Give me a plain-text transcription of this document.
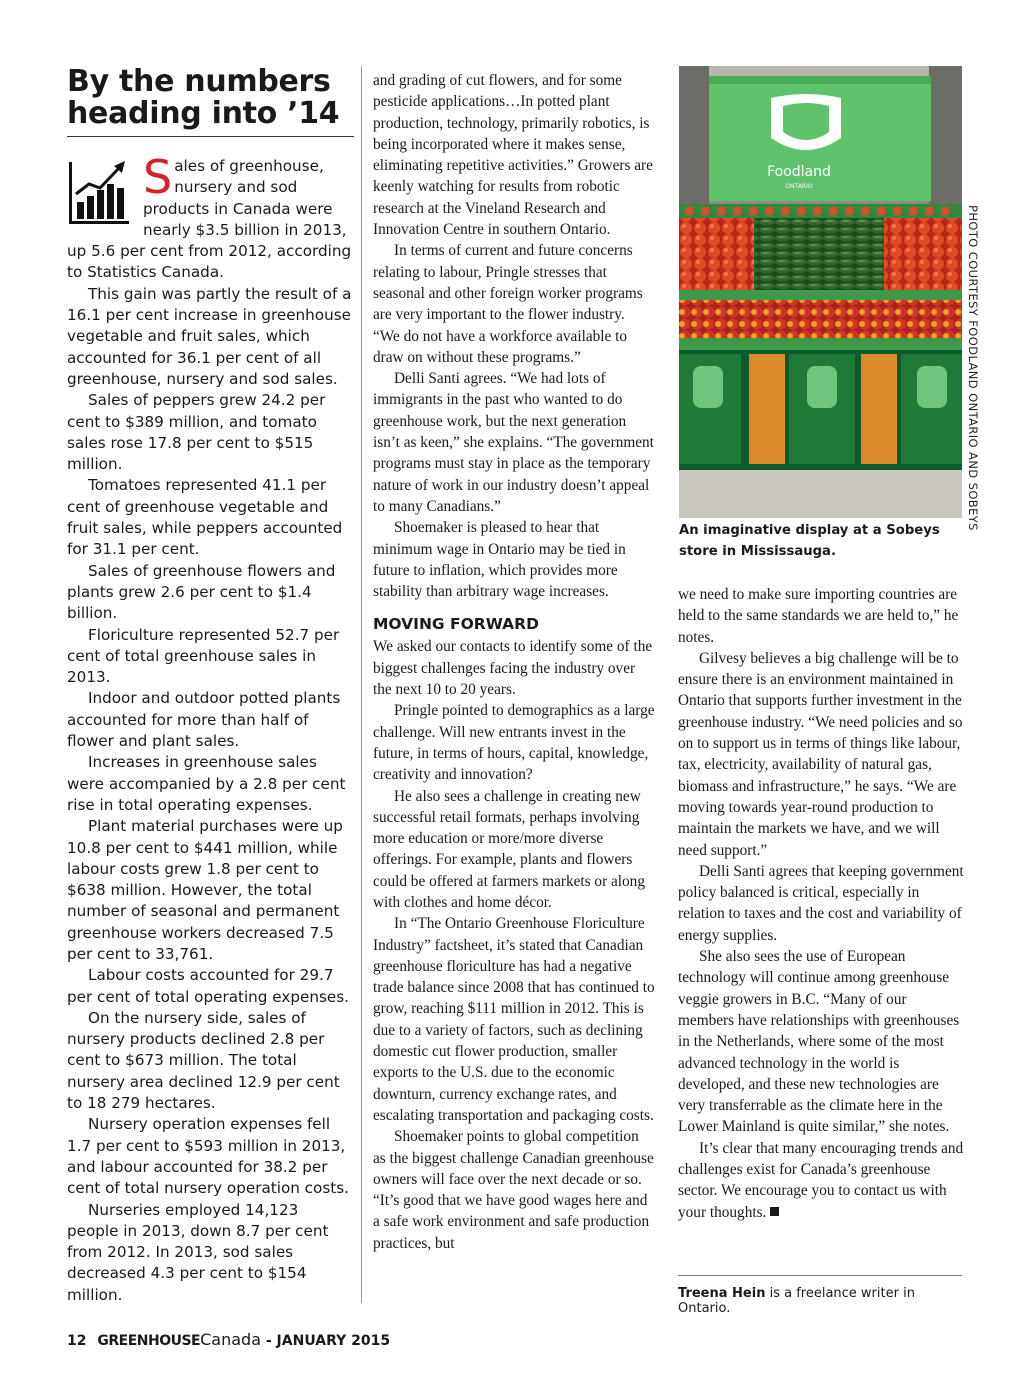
By the numbers
heading into ’14

Sales of greenhouse, nursery and sod products in Canada were nearly $3.5 billion in 2013, up 5.6 per cent from 2012, according to Statistics Canada.

This gain was partly the result of a 16.1 per cent increase in greenhouse vegetable and fruit sales, which accounted for 36.1 per cent of all greenhouse, nursery and sod sales.

Sales of peppers grew 24.2 per cent to $389 million, and tomato sales rose 17.8 per cent to $515 million.

Tomatoes represented 41.1 per cent of greenhouse vegetable and fruit sales, while peppers accounted for 31.1 per cent.

Sales of greenhouse flowers and plants grew 2.6 per cent to $1.4 billion.

Floriculture represented 52.7 per cent of total greenhouse sales in 2013.

Indoor and outdoor potted plants accounted for more than half of flower and plant sales.

Increases in greenhouse sales were accompanied by a 2.8 per cent rise in total operating expenses.

Plant material purchases were up 10.8 per cent to $441 million, while labour costs grew 1.8 per cent to $638 million. However, the total number of seasonal and permanent greenhouse workers decreased 7.5 per cent to 33,761.

Labour costs accounted for 29.7 per cent of total operating expenses.

On the nursery side, sales of nursery products declined 2.8 per cent to $673 million. The total nursery area declined 12.9 per cent to 18 279 hectares.

Nursery operation expenses fell 1.7 per cent to $593 million in 2013, and labour accounted for 38.2 per cent of total nursery operation costs.

Nurseries employed 14,123 people in 2013, down 8.7 per cent from 2012. In 2013, sod sales decreased 4.3 per cent to $154 million.

and grading of cut flowers, and for some pesticide applications…In potted plant production, technology, primarily robotics, is being incorporated where it makes sense, eliminating repetitive activities.” Growers are keenly watching for results from robotic research at the Vineland Research and Innovation Centre in southern Ontario.

In terms of current and future concerns relating to labour, Pringle stresses that seasonal and other foreign worker programs are very important to the flower industry. “We do not have a workforce available to draw on without these programs.”

Delli Santi agrees. “We had lots of immigrants in the past who wanted to do greenhouse work, but the next generation isn’t as keen,” she explains. “The government programs must stay in place as the temporary nature of work in our industry doesn’t appeal to many Canadians.”

Shoemaker is pleased to hear that minimum wage in Ontario may be tied in future to inflation, which provides more stability than arbitrary wage increases.

MOVING FORWARD

We asked our contacts to identify some of the biggest challenges facing the industry over the next 10 to 20 years.

Pringle pointed to demographics as a large challenge. Will new entrants invest in the future, in terms of hours, capital, knowledge, creativity and innovation?

He also sees a challenge in creating new successful retail formats, perhaps involving more education or more/more diverse offerings. For example, plants and flowers could be offered at farmers markets or along with clothes and home décor.

In “The Ontario Greenhouse Floriculture Industry” factsheet, it’s stated that Canadian greenhouse floriculture has had a negative trade balance since 2008 that has continued to grow, reaching $111 million in 2012. This is due to a variety of factors, such as declining domestic cut flower production, smaller exports to the U.S. due to the economic downturn, currency exchange rates, and escalating transportation and packaging costs.

Shoemaker points to global competition as the biggest challenge Canadian greenhouse owners will face over the next decade or so. “It’s good that we have good wages here and a safe work environment and safe production practices, but

Foodland
ONTARIO
PHOTO COURTESY FOODLAND ONTARIO AND SOBEYS
An imaginative display at a Sobeys store in Mississauga.

we need to make sure importing countries are held to the same standards we are held to,” he notes.

Gilvesy believes a big challenge will be to ensure there is an environment maintained in Ontario that supports further investment in the greenhouse industry. “We need policies and so on to support us in terms of things like labour, tax, electricity, availability of natural gas, biomass and infrastructure,” he says. “We are moving towards year-round production to maintain the markets we have, and we will need support.”

Delli Santi agrees that keeping government policy balanced is critical, especially in relation to taxes and the cost and variability of energy supplies.

She also sees the use of European technology will continue among greenhouse veggie growers in B.C. “Many of our members have relationships with greenhouses in the Netherlands, where some of the most advanced technology in the world is developed, and these new technologies are very transferrable as the climate here in the Lower Mainland is quite similar,” she notes.

It’s clear that many encouraging trends and challenges exist for Canada’s greenhouse sector. We encourage you to contact us with your thoughts.

Treena Hein is a freelance writer in Ontario.
12 GREENHOUSECanada - JANUARY 2015
